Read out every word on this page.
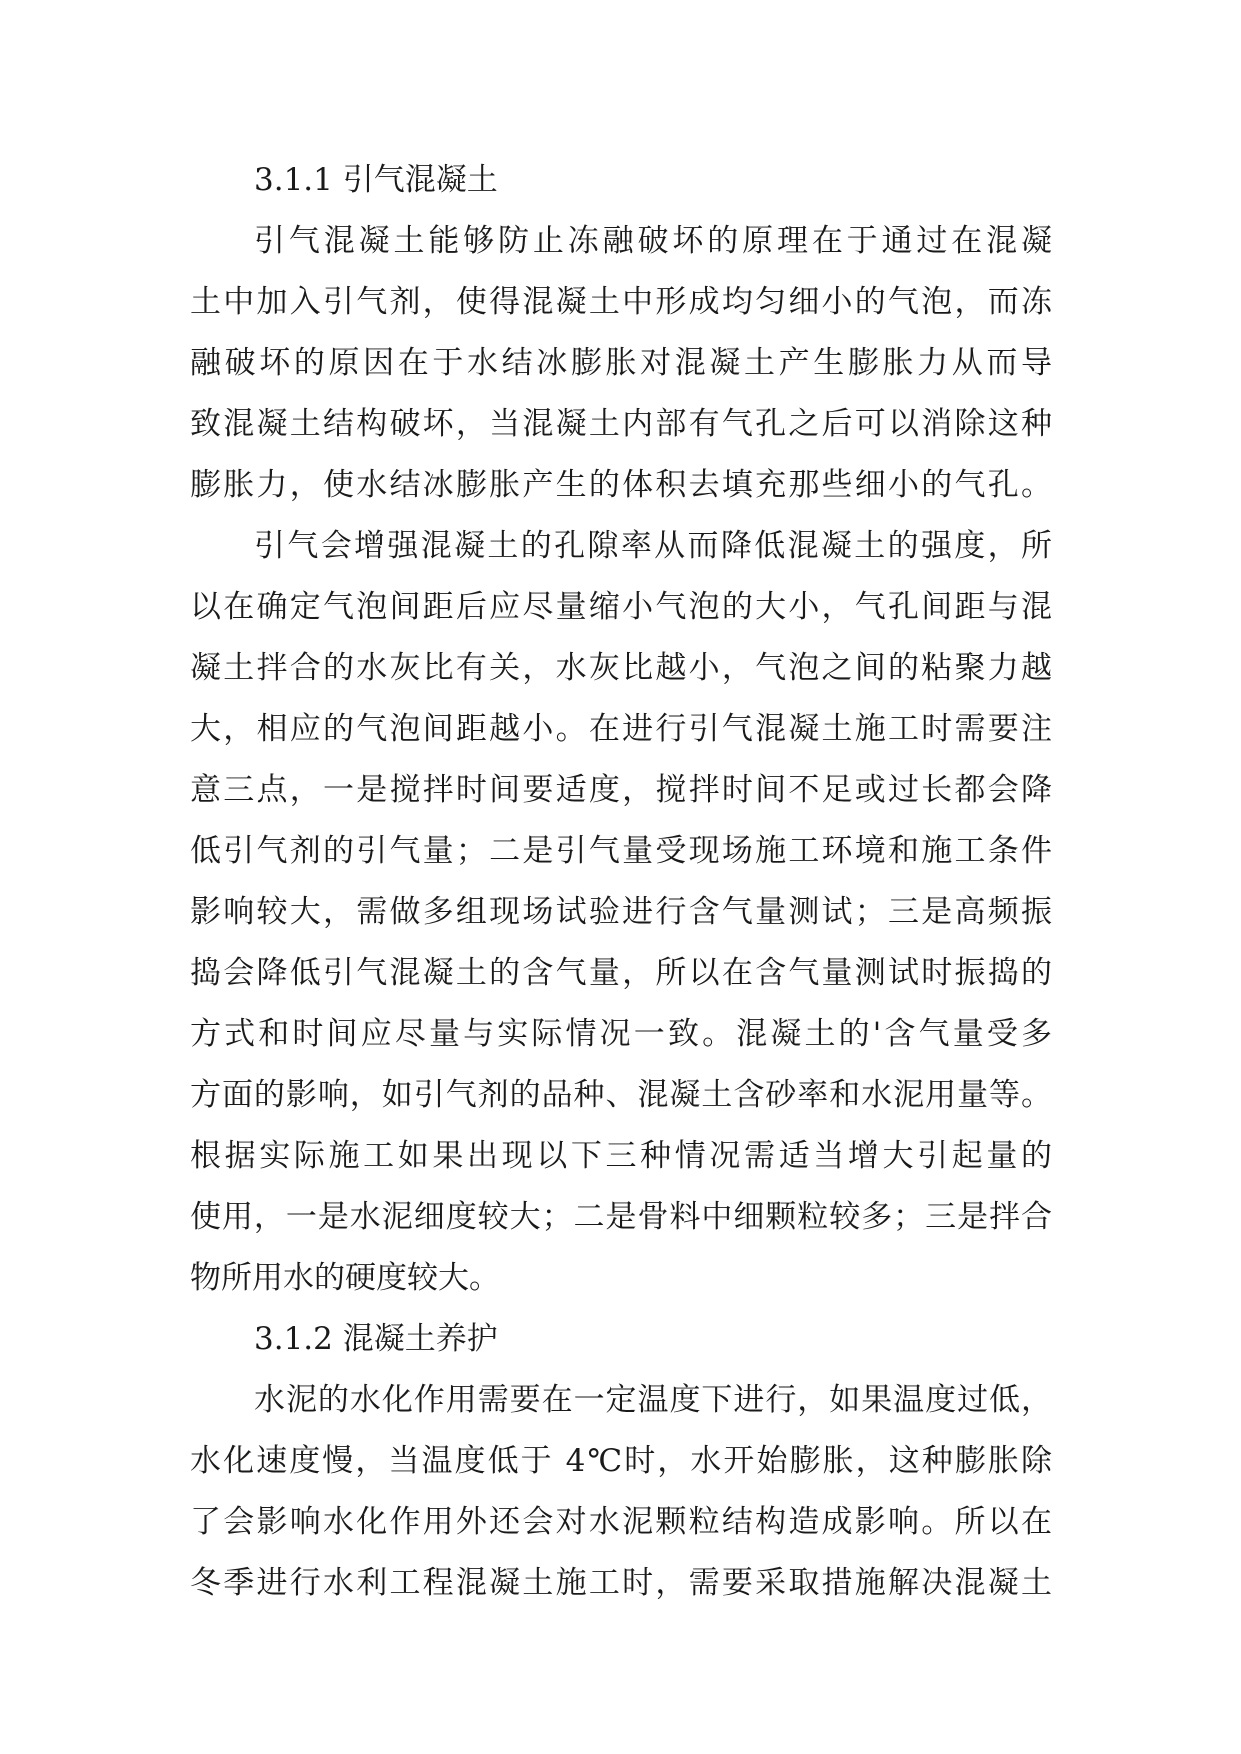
3.1.1 引气混凝土
引气混凝土能够防止冻融破坏的原理在于通过在混凝
土中加入引气剂，使得混凝土中形成均匀细小的气泡，而冻
融破坏的原因在于水结冰膨胀对混凝土产生膨胀力从而导
致混凝土结构破坏，当混凝土内部有气孔之后可以消除这种
膨胀力，使水结冰膨胀产生的体积去填充那些细小的气孔。
引气会增强混凝土的孔隙率从而降低混凝土的强度，所
以在确定气泡间距后应尽量缩小气泡的大小，气孔间距与混
凝土拌合的水灰比有关，水灰比越小，气泡之间的粘聚力越
大，相应的气泡间距越小。在进行引气混凝土施工时需要注
意三点，一是搅拌时间要适度，搅拌时间不足或过长都会降
低引气剂的引气量；二是引气量受现场施工环境和施工条件
影响较大，需做多组现场试验进行含气量测试；三是高频振
捣会降低引气混凝土的含气量，所以在含气量测试时振捣的
方式和时间应尽量与实际情况一致。混凝土的'含气量受多
方面的影响，如引气剂的品种、混凝土含砂率和水泥用量等。
根据实际施工如果出现以下三种情况需适当增大引起量的
使用，一是水泥细度较大；二是骨料中细颗粒较多；三是拌合
物所用水的硬度较大。
3.1.2 混凝土养护
水泥的水化作用需要在一定温度下进行，如果温度过低，
水化速度慢，当温度低于 4℃时，水开始膨胀，这种膨胀除
了会影响水化作用外还会对水泥颗粒结构造成影响。所以在
冬季进行水利工程混凝土施工时，需要采取措施解决混凝土
